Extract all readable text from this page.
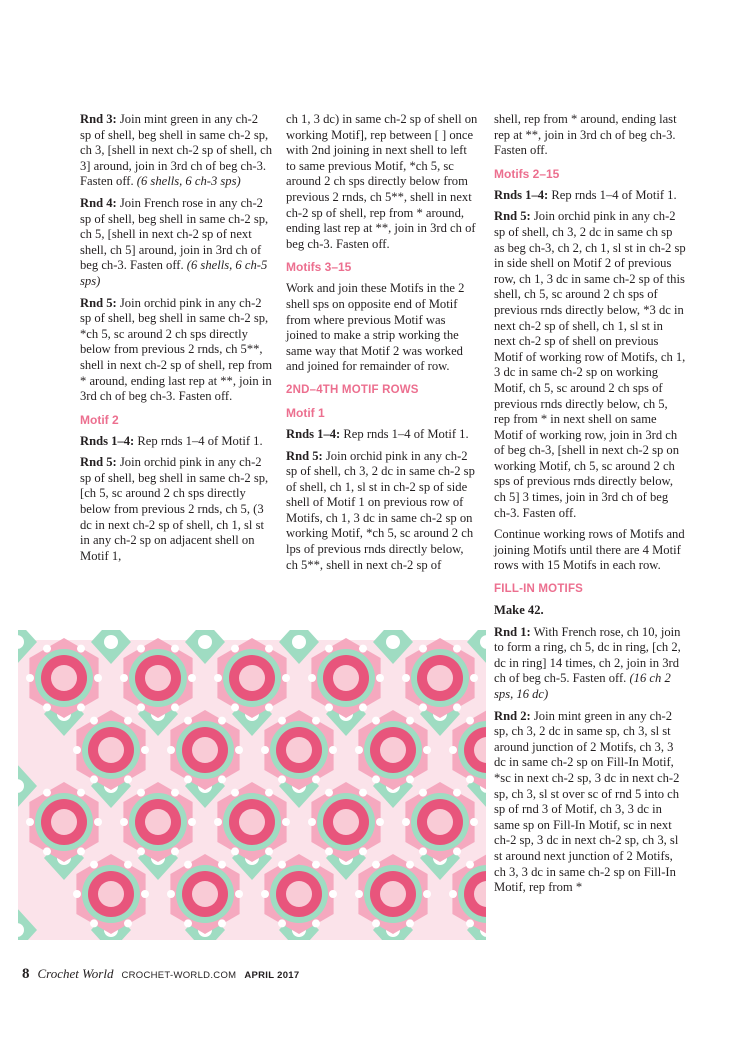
Rnd 3: Join mint green in any ch-2 sp of shell, beg shell in same ch-2 sp, ch 3, [shell in next ch-2 sp of shell, ch 3] around, join in 3rd ch of beg ch-3. Fasten off. (6 shells, 6 ch-3 sps)

Rnd 4: Join French rose in any ch-2 sp of shell, beg shell in same ch-2 sp, ch 5, [shell in next ch-2 sp of next shell, ch 5] around, join in 3rd ch of beg ch-3. Fasten off. (6 shells, 6 ch-5 sps)

Rnd 5: Join orchid pink in any ch-2 sp of shell, beg shell in same ch-2 sp, *ch 5, sc around 2 ch sps directly below from previous 2 rnds, ch 5**, shell in next ch-2 sp of shell, rep from * around, ending last rep at **, join in 3rd ch of beg ch-3. Fasten off.

Motif 2

Rnds 1–4: Rep rnds 1–4 of Motif 1.

Rnd 5: Join orchid pink in any ch-2 sp of shell, beg shell in same ch-2 sp, [ch 5, sc around 2 ch sps directly below from previous 2 rnds, ch 5, (3 dc in next ch-2 sp of shell, ch 1, sl st in any ch-2 sp on adjacent shell on Motif 1,

ch 1, 3 dc) in same ch-2 sp of shell on working Motif], rep between [ ] once with 2nd joining in next shell to left to same previous Motif, *ch 5, sc around 2 ch sps directly below from previous 2 rnds, ch 5**, shell in next ch-2 sp of shell, rep from * around, ending last rep at **, join in 3rd ch of beg ch-3. Fasten off.

Motifs 3–15

Work and join these Motifs in the 2 shell sps on opposite end of Motif from where previous Motif was joined to make a strip working the same way that Motif 2 was worked and joined for remainder of row.

2ND–4TH MOTIF ROWS
Motif 1

Rnds 1–4: Rep rnds 1–4 of Motif 1.

Rnd 5: Join orchid pink in any ch-2 sp of shell, ch 3, 2 dc in same ch-2 sp of shell, ch 1, sl st in ch-2 sp of side shell of Motif 1 on previous row of Motifs, ch 1, 3 dc in same ch-2 sp on working Motif, *ch 5, sc around 2 ch lps of previous rnds directly below, ch 5**, shell in next ch-2 sp of

shell, rep from * around, ending last rep at **, join in 3rd ch of beg ch-3. Fasten off.

Motifs 2–15

Rnds 1–4: Rep rnds 1–4 of Motif 1.

Rnd 5: Join orchid pink in any ch-2 sp of shell, ch 3, 2 dc in same ch sp as beg ch-3, ch 2, ch 1, sl st in ch-2 sp in side shell on Motif 2 of previous row, ch 1, 3 dc in same ch-2 sp of this shell, ch 5, sc around 2 ch sps of previous rnds directly below, *3 dc in next ch-2 sp of shell, ch 1, sl st in next ch-2 sp of shell on previous Motif of working row of Motifs, ch 1, 3 dc in same ch-2 sp on working Motif, ch 5, sc around 2 ch sps of previous rnds directly below, ch 5, rep from * in next shell on same Motif of working row, join in 3rd ch of beg ch-3, [shell in next ch-2 sp on working Motif, ch 5, sc around 2 ch sps of previous rnds directly below, ch 5] 3 times, join in 3rd ch of beg ch-3. Fasten off.

Continue working rows of Motifs and joining Motifs until there are 4 Motif rows with 15 Motifs in each row.

FILL-IN MOTIFS

Make 42.

Rnd 1: With French rose, ch 10, join to form a ring, ch 5, dc in ring, [ch 2, dc in ring] 14 times, ch 2, join in 3rd ch of beg ch-5. Fasten off. (16 ch 2 sps, 16 dc)

Rnd 2: Join mint green in any ch-2 sp, ch 3, 2 dc in same sp, ch 3, sl st around junction of 2 Motifs, ch 3, 3 dc in same ch-2 sp on Fill-In Motif, *sc in next ch-2 sp, 3 dc in next ch-2 sp, ch 3, sl st over sc of rnd 5 into ch sp of rnd 3 of Motif, ch 3, 3 dc in same sp on Fill-In Motif, sc in next ch-2 sp, 3 dc in next ch-2 sp, ch 3, sl st around next junction of 2 Motifs, ch 3, 3 dc in same ch-2 sp on Fill-In Motif, rep from *

8 Crochet World CROCHET-WORLD.COM APRIL 2017
